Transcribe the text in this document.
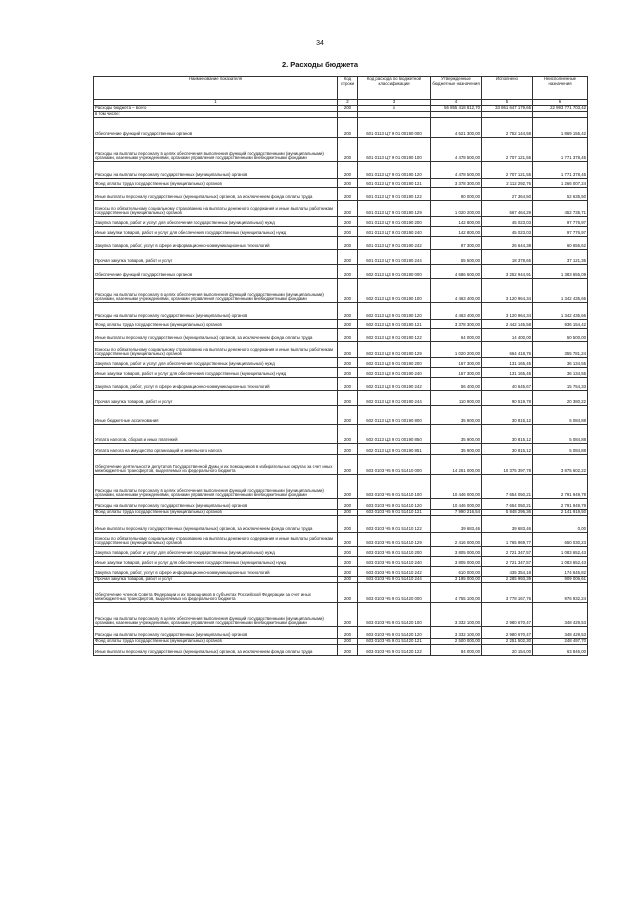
34
2. Расходы бюджета
Наименование показателя	Код строки	Код расхода по бюджетной классификации	Утвержденные бюджетные назначения	Исполнено	Неисполненные назначения
1	2	3	4	5	6
Расходы бюджета – всего	200	x	56 855 418 812,70	33 861 647 179,65	22 993 771 703,42
в том числе:					
Обеспечение функций государственных органов	200	601 0113 Ц7 9 01 00190 000	4 621 300,00	2 752 144,58	1 869 155,42
Расходы на выплаты персоналу в целях обеспечения выполнения функций государственными (муниципальными) органами, казенными учреждениями, органами управления государственными внебюджетными фондами	200	601 0113 Ц7 9 01 00190 100	4 478 500,00	2 707 121,55	1 771 378,45
Расходы на выплаты персоналу государственных (муниципальных) органов	200	601 0113 Ц7 9 01 00190 120	4 478 500,00	2 707 121,55	1 771 378,45
Фонд оплаты труда государственных (муниципальных) органов	200	601 0113 Ц7 9 01 00190 121	3 378 300,00	2 112 292,76	1 266 007,24
Иные выплаты персоналу государственных (муниципальных) органов, за исключением фонда оплаты труда	200	601 0113 Ц7 9 01 00190 122	80 000,00	27 364,50	52 635,50
Взносы по обязательному социальному страхованию на выплаты денежного содержания и иные выплаты работникам государственных (муниципальных) органов	200	601 0113 Ц7 9 01 00190 129	1 020 200,00	567 464,29	452 735,71
Закупка товаров, работ и услуг для обеспечения государственных (муниципальных) нужд	200	601 0113 Ц7 9 01 00190 200	142 800,00	45 023,03	97 776,97
Иные закупки товаров, работ и услуг для обеспечения государственных (муниципальных) нужд	200	601 0113 Ц7 9 01 00190 240	142 800,00	45 023,03	97 776,97
Закупка товаров, работ, услуг в сфере информационно-коммуникационных технологий	200	601 0113 Ц7 9 01 00190 242	87 300,00	26 644,38	60 655,62
Прочая закупка товаров, работ и услуг	200	601 0113 Ц7 9 01 00190 244	55 500,00	18 378,65	37 121,35
Обеспечение функций государственных органов	200	602 0113 Ц3 9 01 00190 000	4 686 600,00	3 252 944,91	1 383 655,09
Расходы на выплаты персоналу в целях обеспечения выполнения функций государственными (муниципальными) органами, казенными учреждениями, органами управления государственными внебюджетными фондами	200	602 0113 Ц3 9 01 00190 100	4 463 400,00	3 120 964,34	1 342 435,66
Расходы на выплаты персоналу государственных (муниципальных) органов	200	602 0113 Ц3 9 01 00190 120	4 463 400,00	3 120 964,34	1 342 435,66
Фонд оплаты труда государственных (муниципальных) органов	200	602 0113 Ц3 9 01 00190 121	3 378 300,00	2 442 145,58	936 154,42
Иные выплаты персоналу государственных (муниципальных) органов, за исключением фонда оплаты труда	200	602 0113 Ц3 9 01 00190 122	64 000,00	14 400,00	50 500,00
Взносы по обязательному социальному страхованию на выплаты денежного содержания и иные выплаты работникам государственных (муниципальных) органов	200	602 0113 Ц3 9 01 00190 129	1 020 200,00	664 418,76	355 781,24
Закупка товаров, работ и услуг для обеспечения государственных (муниципальных) нужд	200	602 0113 Ц3 9 01 00190 200	167 300,00	131 165,45	36 134,55
Иные закупки товаров, работ и услуг для обеспечения государственных (муниципальных) нужд	200	602 0113 Ц3 9 01 00190 240	167 300,00	131 165,45	36 134,55
Закупка товаров, работ, услуг в сфере информационно-коммуникационных технологий	200	602 0113 Ц3 9 01 00190 242	56 400,00	40 645,67	15 754,33
Прочая закупка товаров, работ и услуг	200	602 0113 Ц3 9 01 00190 244	110 900,00	90 519,78	20 380,22
Иные бюджетные ассигнования	200	602 0113 Ц3 9 01 00190 800	35 900,00	30 815,12	5 084,88
Уплата налогов, сборов и иных платежей	200	602 0113 Ц3 9 01 00190 850	35 900,00	30 815,12	5 084,88
Уплата налога на имущество организаций и земельного налога	200	602 0113 Ц3 9 01 00190 851	35 900,00	30 815,12	5 084,88
Обеспечение деятельности депутатов Государственной Думы и их помощников в избирательных округах за счет иных межбюджетных трансфертов, выделяемых из федерального бюджета	200	603 0103 Ч5 9 01 51410 000	14 251 000,00	10 375 397,78	3 875 602,22
Расходы на выплаты персоналу в целях обеспечения выполнения функций государственными (муниципальными) органами, казенными учреждениями, органами управления государственными внебюджетными фондами	200	603 0103 Ч5 9 01 51410 100	10 446 000,00	7 654 050,21	2 791 949,79
Расходы на выплаты персоналу государственных (муниципальных) органов	200	603 0103 Ч5 9 01 51410 120	10 446 000,00	7 654 050,21	2 791 949,79
Фонд оплаты труда государственных (муниципальных) органов	200	603 0103 Ч5 9 01 51410 121	7 990 216,54	5 848 296,36	2 141 919,50
Иные выплаты персоналу государственных (муниципальных) органов, за исключением фонда оплаты труда	200	603 0103 Ч5 9 01 51410 122	39 683,46	39 683,46	0,00
Взносы по обязательному социальному страхованию на выплаты денежного содержания и иные выплаты работникам государственных (муниципальных) органов	200	603 0103 Ч5 9 01 51410 129	2 416 000,00	1 765 969,77	650 030,23
Закупка товаров, работ и услуг для обеспечения государственных (муниципальных) нужд	200	603 0103 Ч5 9 01 51410 200	3 805 000,00	2 721 347,57	1 083 652,43
Иные закупки товаров, работ и услуг для обеспечения государственных (муниципальных) нужд	200	603 0103 Ч5 9 01 51410 240	3 805 000,00	2 721 347,57	1 083 652,43
Закупка товаров, работ, услуг в сфере информационно-коммуникационных технологий	200	603 0103 Ч5 9 01 51410 242	610 000,00	435 354,18	174 645,82
Прочая закупка товаров, работ и услуг	200	603 0103 Ч5 9 01 51410 244	3 195 000,00	2 285 993,39	909 006,61
Обеспечение членов Совета Федерации и их помощников в субъектах Российской Федерации за счет иных межбюджетных трансфертов, выделяемых из федерального бюджета	200	603 0103 Ч5 9 01 51420 000	4 755 100,00	3 778 167,76	976 932,24
Расходы на выплаты персоналу в целях обеспечения выполнения функций государственными (муниципальными) органами, казенными учреждениями, органами управления государственными внебюджетными фондами	200	603 0103 Ч5 9 01 51420 100	3 332 100,00	2 980 670,47	348 429,53
Расходы на выплаты персоналу государственных (муниципальных) органов	200	603 0103 Ч5 9 01 51420 120	3 332 100,00	2 980 670,47	348 429,53
Фонд оплаты труда государственных (муниципальных) органов	200	603 0103 Ч5 9 01 51420 121	2 500 000,00	2 251 502,30	248 497,70
Иные выплаты персоналу государственных (муниципальных) органов, за исключением фонда оплаты труда	200	603 0103 Ч5 9 01 51420 122	84 000,00	20 154,00	63 846,00
